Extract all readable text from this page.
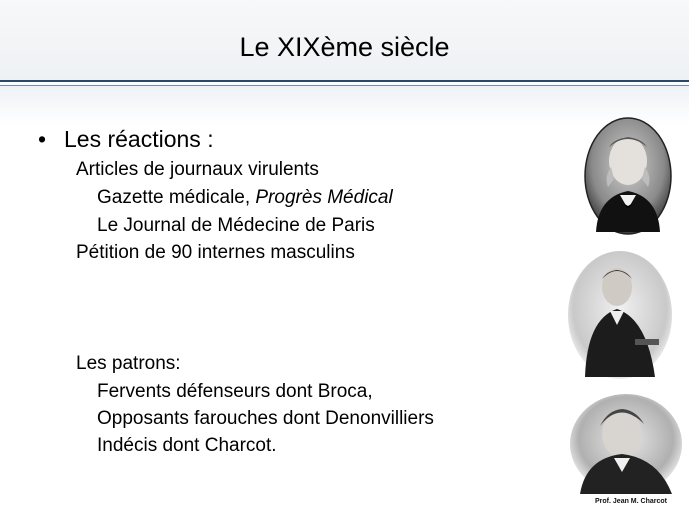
Le XIXème siècle
• Les réactions :
Articles de journaux virulents
Gazette médicale, Progrès Médical
Le Journal de Médecine de Paris
Pétition de 90 internes masculins
Les patrons:
Fervents défenseurs dont Broca,
Opposants farouches dont Denonvilliers
Indécis dont Charcot.
Prof. Jean M. Charcot
